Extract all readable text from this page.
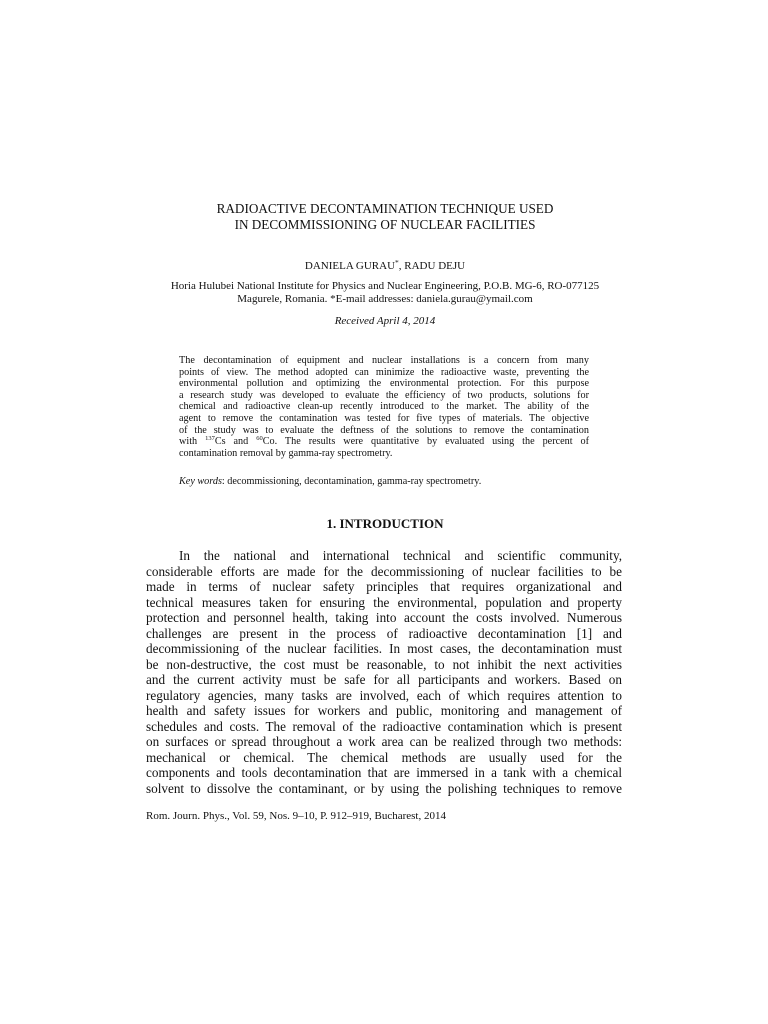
RADIOACTIVE DECONTAMINATION TECHNIQUE USED
IN DECOMMISSIONING OF NUCLEAR FACILITIES
DANIELA GURAU*, RADU DEJU
Horia Hulubei National Institute for Physics and Nuclear Engineering, P.O.B. MG-6, RO-077125
Magurele, Romania. *E-mail addresses: daniela.gurau@ymail.com
Received April 4, 2014
The decontamination of equipment and nuclear installations is a concern from many
points of view. The method adopted can minimize the radioactive waste, preventing the
environmental pollution and optimizing the environmental protection. For this purpose
a research study was developed to evaluate the efficiency of two products, solutions for
chemical and radioactive clean-up recently introduced to the market. The ability of the
agent to remove the contamination was tested for five types of materials. The objective
of the study was to evaluate the deftness of the solutions to remove the contamination
with $^{137}$Cs and $^{60}$Co. The results were quantitative by evaluated using the percent of
contamination removal by gamma-ray spectrometry.
Key words: decommissioning, decontamination, gamma-ray spectrometry.
1. INTRODUCTION
In the national and international technical and scientific community,
considerable efforts are made for the decommissioning of nuclear facilities to be
made in terms of nuclear safety principles that requires organizational and
technical measures taken for ensuring the environmental, population and property
protection and personnel health, taking into account the costs involved. Numerous
challenges are present in the process of radioactive decontamination [1] and
decommissioning of the nuclear facilities. In most cases, the decontamination must
be non-destructive, the cost must be reasonable, to not inhibit the next activities
and the current activity must be safe for all participants and workers. Based on
regulatory agencies, many tasks are involved, each of which requires attention to
health and safety issues for workers and public, monitoring and management of
schedules and costs. The removal of the radioactive contamination which is present
on surfaces or spread throughout a work area can be realized through two methods:
mechanical or chemical. The chemical methods are usually used for the
components and tools decontamination that are immersed in a tank with a chemical
solvent to dissolve the contaminant, or by using the polishing techniques to remove
Rom. Journ. Phys., Vol. 59, Nos. 9–10, P. 912–919, Bucharest, 2014
